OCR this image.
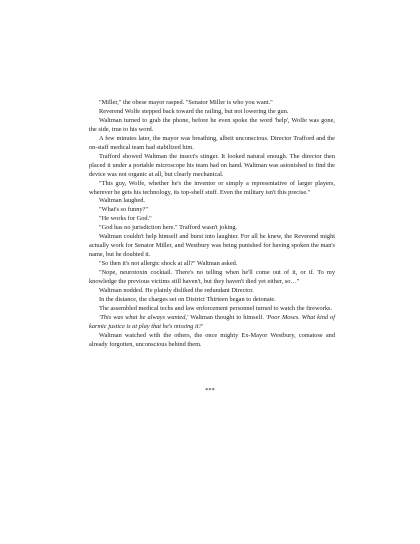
"Miller," the obese mayor rasped. "Senator Miller is who you want."

Reverend Wolfe stepped back toward the railing, but not lowering the gun.

Waltman turned to grab the phone, before he even spoke the word 'help', Wolfe was gone, the side, true to his word.

A few minutes later, the mayor was breathing, albeit unconscious. Director Trafford and the on-staff medical team had stabilized him.

Trafford showed Waltman the insect's stinger. It looked natural enough. The director then placed it under a portable microscope his team had on hand. Waltman was astonished to find the device was not organic at all, but clearly mechanical.

"This guy, Wolfe, whether he's the inventor or simply a representative of larger players, wherever he gets his technology, its top-shelf stuff. Even the military isn't this precise."

Waltman laughed.

"What's so funny?"

"He works for God."

"God has no jurisdiction here." Trafford wasn't joking.

Waltman couldn't help himself and burst into laughter. For all he knew, the Reverend might actually work for Senator Miller, and Westbury was being punished for having spoken the man's name, but he doubted it.

"So then it's not allergic shock at all?" Waltman asked.

"Nope, neurotoxin cocktail. There's no telling when he'll come out of it, or if. To my knowledge the previous victims still haven't, but they haven't died yet either, so…"

Waltman nodded. He plainly disliked the redundant Director.

In the distance, the charges set on District Thirteen began to detonate.

The assembled medical techs and law enforcement personnel turned to watch the fireworks.

'This was what he always wanted,' Waltman thought to himself. 'Poor Moses. What kind of karmic justice is at play that he's missing it?'

Waltman watched with the others, the once mighty Ex-Mayor Westbury, comatose and already forgotten, unconscious behind them.

***
